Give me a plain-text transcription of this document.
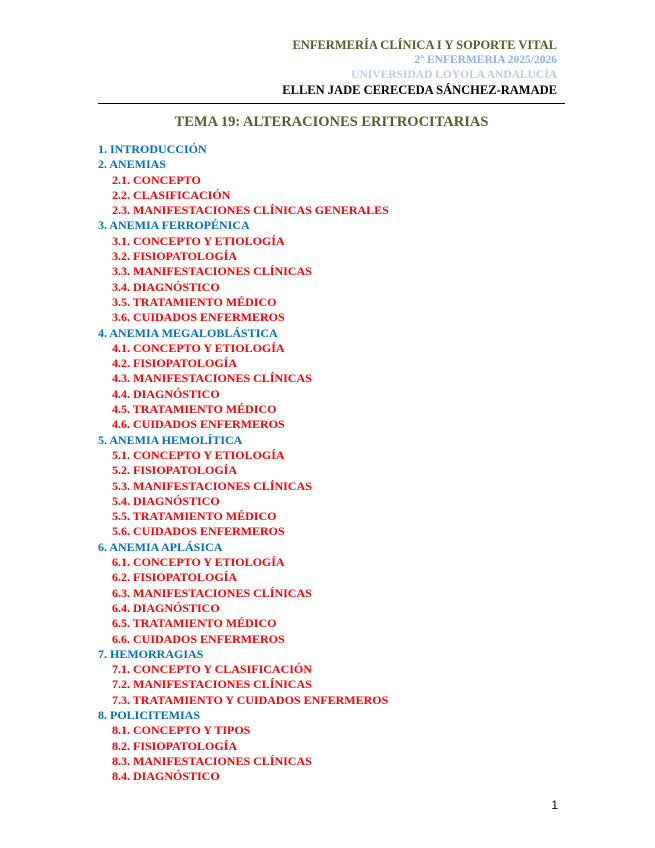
ENFERMERÍA CLÍNICA I Y SOPORTE VITAL
2º ENFERMERIA 2025/2026
UNIVERSIDAD LOYOLA ANDALUCÍA
ELLEN JADE CERECEDA SÁNCHEZ-RAMADE
TEMA 19: ALTERACIONES ERITROCITARIAS
1. INTRODUCCIÓN
2. ANEMIAS
2.1. CONCEPTO
2.2. CLASIFICACIÓN
2.3. MANIFESTACIONES CLÍNICAS GENERALES
3. ANEMIA FERROPÉNICA
3.1. CONCEPTO Y ETIOLOGÍA
3.2. FISIOPATOLOGÍA
3.3. MANIFESTACIONES CLÍNICAS
3.4. DIAGNÓSTICO
3.5. TRATAMIENTO MÉDICO
3.6. CUIDADOS ENFERMEROS
4. ANEMIA MEGALOBLÁSTICA
4.1. CONCEPTO Y ETIOLOGÍA
4.2. FISIOPATOLOGÍA
4.3. MANIFESTACIONES CLÍNICAS
4.4. DIAGNÓSTICO
4.5. TRATAMIENTO MÉDICO
4.6. CUIDADOS ENFERMEROS
5. ANEMIA HEMOLÍTICA
5.1. CONCEPTO Y ETIOLOGÍA
5.2. FISIOPATOLOGÍA
5.3. MANIFESTACIONES CLÍNICAS
5.4. DIAGNÓSTICO
5.5. TRATAMIENTO MÉDICO
5.6. CUIDADOS ENFERMEROS
6. ANEMIA APLÁSICA
6.1. CONCEPTO Y ETIOLOGÍA
6.2. FISIOPATOLOGÍA
6.3. MANIFESTACIONES CLÍNICAS
6.4. DIAGNÓSTICO
6.5. TRATAMIENTO MÉDICO
6.6. CUIDADOS ENFERMEROS
7. HEMORRAGIAS
7.1. CONCEPTO Y CLASIFICACIÓN
7.2. MANIFESTACIONES CLÍNICAS
7.3. TRATAMIENTO Y CUIDADOS ENFERMEROS
8. POLICITEMIAS
8.1. CONCEPTO Y TIPOS
8.2. FISIOPATOLOGÍA
8.3. MANIFESTACIONES CLÍNICAS
8.4. DIAGNÓSTICO
1
